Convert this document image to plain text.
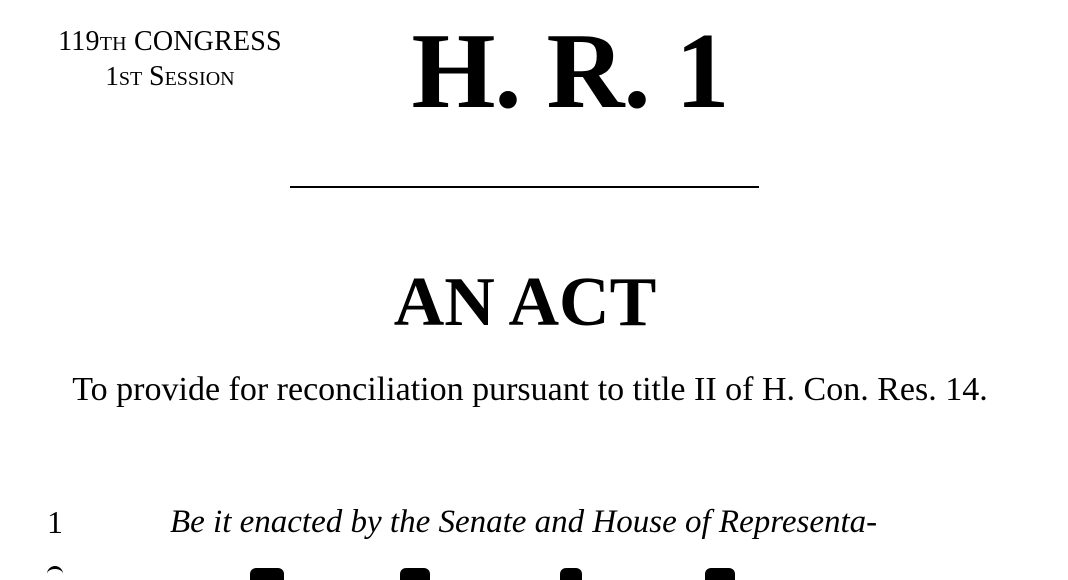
119TH CONGRESS
1ST SESSION	H. R. 1
AN ACT
To provide for reconciliation pursuant to title II of H. Con. Res. 14.
1	Be it enacted by the Senate and House of Representa-
